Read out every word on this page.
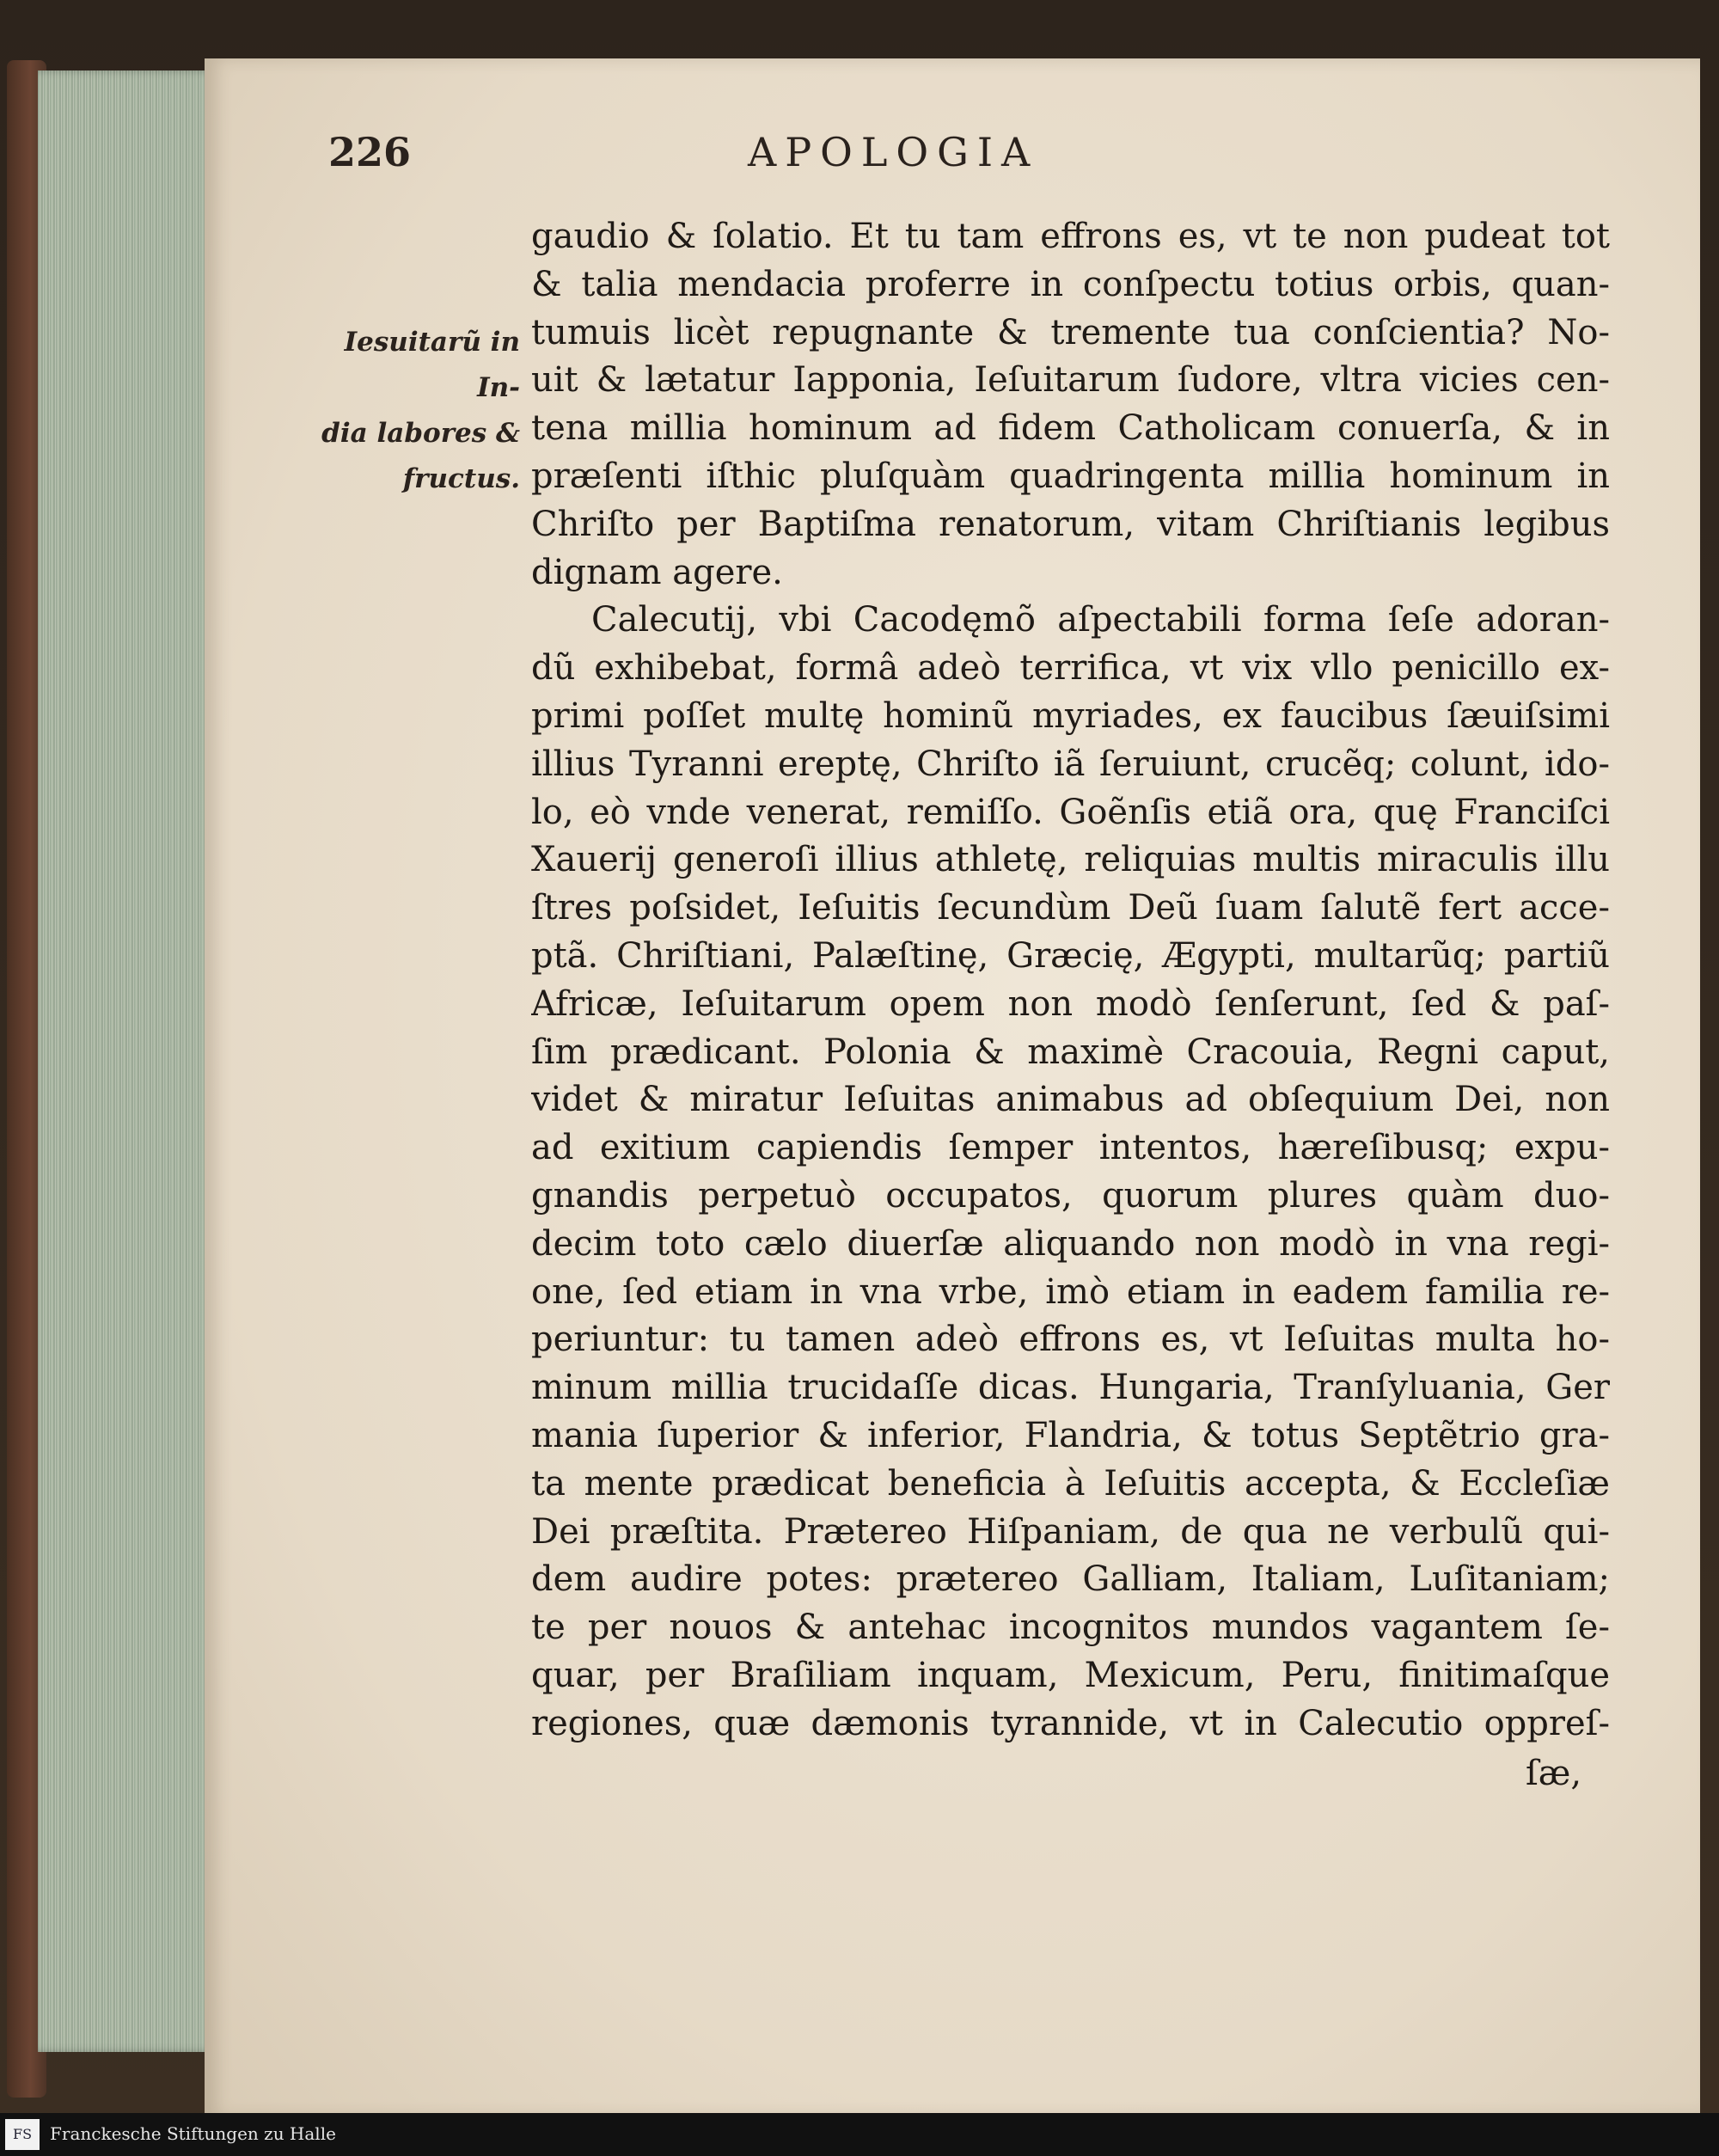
226	APOLOGIA
Iesuitarũ in In-
dia labores &
fructus.
gaudio & ſolatio. Et tu tam effrons es, vt te non pudeat tot
& talia mendacia proferre in conſpectu totius orbis, quan-
tumuis licèt repugnante & tremente tua conſcientia? No-
uit & lætatur Iapponia, Ieſuitarum ſudore, vltra vicies cen-
tena millia hominum ad fidem Catholicam conuerſa, & in
præſenti iſthic pluſquàm quadringenta millia hominum in
Chriſto per Baptiſma renatorum, vitam Chriſtianis legibus
dignam agere.
Calecutij, vbi Cacodęmõ aſpectabili forma ſeſe adoran-
dũ exhibebat, formâ adeò terrifica, vt vix vllo penicillo ex-
primi poſſet multę hominũ myriades, ex faucibus ſæuiſsimi
illius Tyranni ereptę, Chriſto iã ſeruiunt, crucẽq; colunt, ido-
lo, eò vnde venerat, remiſſo. Goẽnſis etiã ora, quę Franciſci
Xauerij generoſi illius athletę, reliquias multis miraculis illu
ſtres poſsidet, Ieſuitis ſecundùm Deũ ſuam ſalutẽ fert acce-
ptã. Chriſtiani, Palæſtinę, Græcię, Ægypti, multarũq; partiũ
Africæ, Ieſuitarum opem non modò ſenſerunt, ſed & paſ-
ſim prædicant. Polonia & maximè Cracouia, Regni caput,
videt & miratur Ieſuitas animabus ad obſequium Dei, non
ad exitium capiendis ſemper intentos, hæreſibusq; expu-
gnandis perpetuò occupatos, quorum plures quàm duo-
decim toto cælo diuerſæ aliquando non modò in vna regi-
one, ſed etiam in vna vrbe, imò etiam in eadem familia re-
periuntur: tu tamen adeò effrons es, vt Ieſuitas multa ho-
minum millia trucidaſſe dicas. Hungaria, Tranſyluania, Ger
mania ſuperior & inferior, Flandria, & totus Septẽtrio gra-
ta mente prædicat beneficia à Ieſuitis accepta, & Eccleſiæ
Dei præſtita. Prætereo Hiſpaniam, de qua ne verbulũ qui-
dem audire potes: prætereo Galliam, Italiam, Luſitaniam;
te per nouos & antehac incognitos mundos vagantem ſe-
quar, per Braſiliam inquam, Mexicum, Peru, finitimaſque
regiones, quæ dæmonis tyrannide, vt in Calecutio oppreſ-
ſæ,
FS	Franckesche Stiftungen zu Halle
